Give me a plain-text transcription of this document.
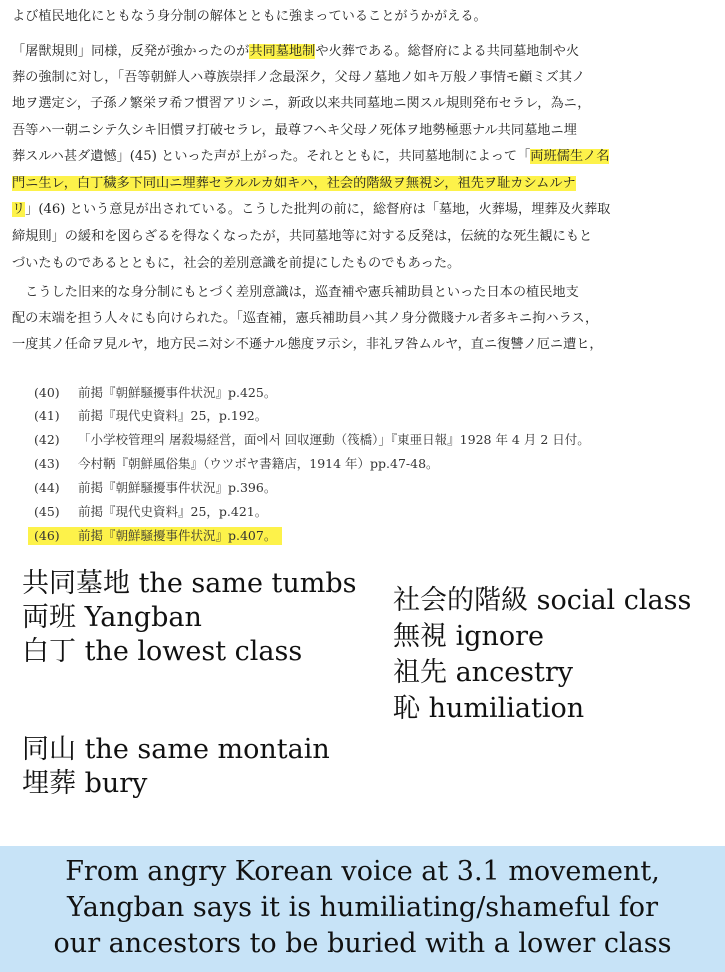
よび植民地化にともなう身分制の解体とともに強まっていることがうかがえる。
「屠獣規則」同様，反発が強かったのが共同墓地制や火葬である。総督府による共同墓地制や火
葬の強制に対し，「吾等朝鮮人ハ尊族崇拝ノ念最深ク，父母ノ墓地ノ如キ万般ノ事情モ顧ミズ其ノ
地ヲ選定シ，子孫ノ繁栄ヲ希フ慣習アリシニ，新政以来共同墓地ニ関スル規則発布セラレ，為ニ，
吾等ハ一朝ニシテ久シキ旧慣ヲ打破セラレ，最尊フヘキ父母ノ死体ヲ地勢極悪ナル共同墓地ニ埋
葬スルハ甚ダ遺憾」(45) といった声が上がった。それとともに，共同墓地制によって「両班儒生ノ名
門ニ生レ，白丁穢多下同山ニ埋葬セラルルカ如キハ，社会的階級ヲ無視シ，祖先ヲ耻カシムルナ
リ」(46) という意見が出されている。こうした批判の前に，総督府は「墓地，火葬場，埋葬及火葬取
締規則」の緩和を図らざるを得なくなったが，共同墓地等に対する反発は，伝統的な死生観にもと
づいたものであるとともに，社会的差別意識を前提にしたものでもあった。
　こうした旧来的な身分制にもとづく差別意識は，巡査補や憲兵補助員といった日本の植民地支
配の末端を担う人々にも向けられた。「巡査補，憲兵補助員ハ其ノ身分微賤ナル者多キニ拘ハラス，
一度其ノ任命ヲ見ルヤ，地方民ニ対シ不遜ナル態度ヲ示シ，非礼ヲ咎ムルヤ，直ニ復讐ノ厄ニ遭ヒ，
(40) 前掲『朝鮮騒擾事件状況』p.425。
(41) 前掲『現代史資料』25，p.192。
(42) 「小学校管理의 屠殺場経営，面에서 回収運動（筏橋）」『東亜日報』1928 年 4 月 2 日付。
(43) 今村鞆『朝鮮風俗集』（ウツボヤ書籍店，1914 年）pp.47-48。
(44) 前掲『朝鮮騒擾事件状況』p.396。
(45) 前掲『現代史資料』25，p.421。
(46) 前掲『朝鮮騒擾事件状況』p.407。
共同墓地 the same tumbs
両班 Yangban
白丁 the lowest class
社会的階級 social class
無視 ignore
祖先 ancestry
恥 humiliation
同山 the same montain
埋葬 bury
From angry Korean voice at 3.1 movement,
Yangban says it is humiliating/shameful for
our ancestors to be buried with a lower class
